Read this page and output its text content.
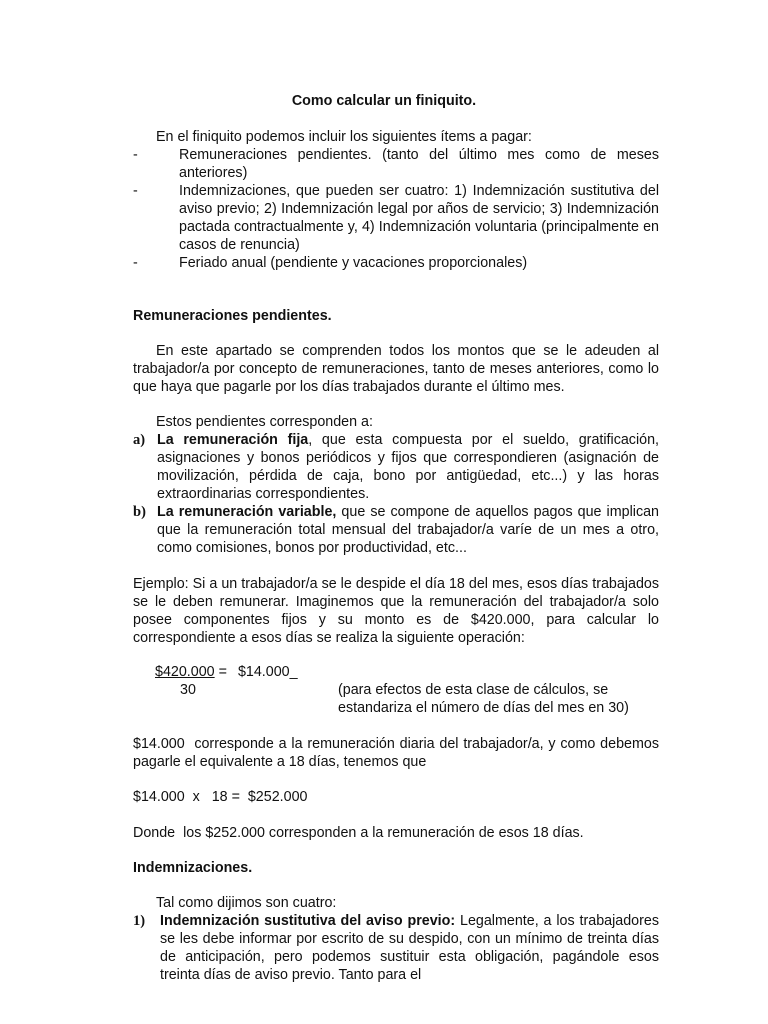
Como calcular un finiquito.

En el finiquito podemos incluir los siguientes ítems a pagar:

-	Remuneraciones pendientes. (tanto del último mes como de meses anteriores)

-	Indemnizaciones, que pueden ser cuatro: 1) Indemnización sustitutiva del aviso previo; 2) Indemnización legal por años de servicio; 3) Indemnización pactada contractualmente y, 4) Indemnización voluntaria (principalmente en casos de renuncia)

-	Feriado anual (pendiente y vacaciones proporcionales)

Remuneraciones pendientes.

En este apartado se comprenden todos los montos que se le adeuden al trabajador/a por concepto de remuneraciones, tanto de meses anteriores, como lo que haya que pagarle por los días trabajados durante el último mes.

Estos pendientes corresponden a:

a) La remuneración fija, que esta compuesta por el sueldo, gratificación, asignaciones y bonos periódicos y fijos que correspondieren (asignación de movilización, pérdida de caja, bono por antigüedad, etc...) y las horas extraordinarias correspondientes.

b) La remuneración variable, que se compone de aquellos pagos que implican que la remuneración total mensual del trabajador/a varíe de un mes a otro, como comisiones, bonos por productividad, etc...

Ejemplo: Si a un trabajador/a se le despide el día 18 del mes, esos días trabajados se le deben remunerar. Imaginemos que la remuneración del trabajador/a solo posee componentes fijos y su monto es de $420.000, para calcular lo correspondiente a esos días se realiza la siguiente operación:

$420.000 = $14.000_

30	(para efectos de esta clase de cálculos, se

estandariza el número de días del mes en 30)

$14.000  corresponde a la remuneración diaria del trabajador/a, y como debemos pagarle el equivalente a 18 días, tenemos que

$14.000  x   18 =  $252.000

Donde  los $252.000 corresponden a la remuneración de esos 18 días.

Indemnizaciones.

Tal como dijimos son cuatro:

1) Indemnización sustitutiva del aviso previo: Legalmente, a los trabajadores se les debe informar por escrito de su despido, con un mínimo de treinta días de anticipación, pero podemos sustituir esta obligación, pagándole esos treinta días de aviso previo. Tanto para el
